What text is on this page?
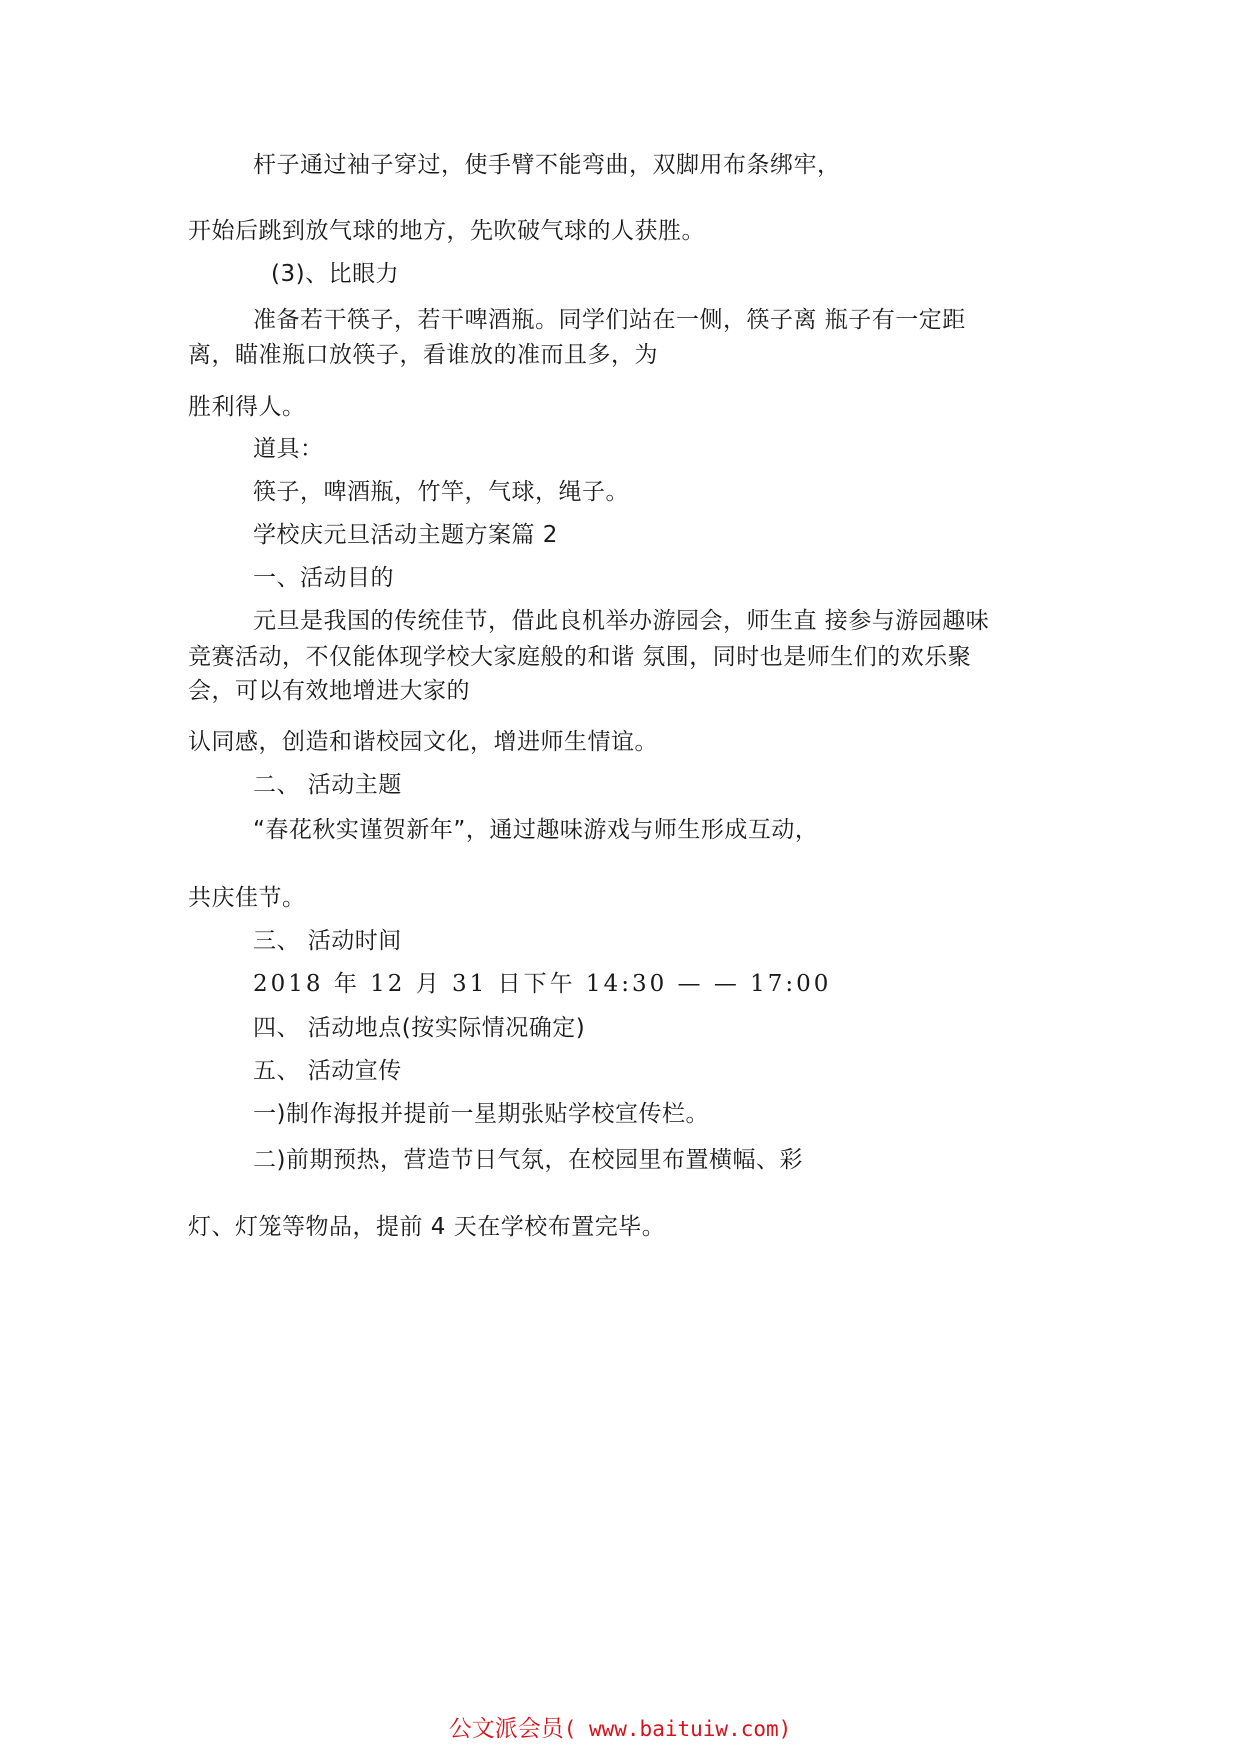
杆子通过袖子穿过，使手臂不能弯曲，双脚用布条绑牢，
开始后跳到放气球的地方，先吹破气球的人获胜。
(3)、比眼力
准备若干筷子，若干啤酒瓶。同学们站在一侧，筷子离 瓶子有一定距
离，瞄准瓶口放筷子，看谁放的准而且多，为
胜利得人。
道具：
筷子，啤酒瓶，竹竿，气球，绳子。
学校庆元旦活动主题方案篇 2
一、活动目的
元旦是我国的传统佳节，借此良机举办游园会，师生直 接参与游园趣味
竞赛活动，不仅能体现学校大家庭般的和谐 氛围，同时也是师生们的欢乐聚
会，可以有效地增进大家的
认同感，创造和谐校园文化，增进师生情谊。
二、 活动主题
“春花秋实谨贺新年”，通过趣味游戏与师生形成互动，
共庆佳节。
三、 活动时间
2018 年 12 月 31 日下午 14:30 — — 17:00
四、 活动地点(按实际情况确定)
五、 活动宣传
一)制作海报并提前一星期张贴学校宣传栏。
二)前期预热，营造节日气氛，在校园里布置横幅、彩
灯、灯笼等物品，提前 4 天在学校布置完毕。
公文派会员( www.baituiw.com)
